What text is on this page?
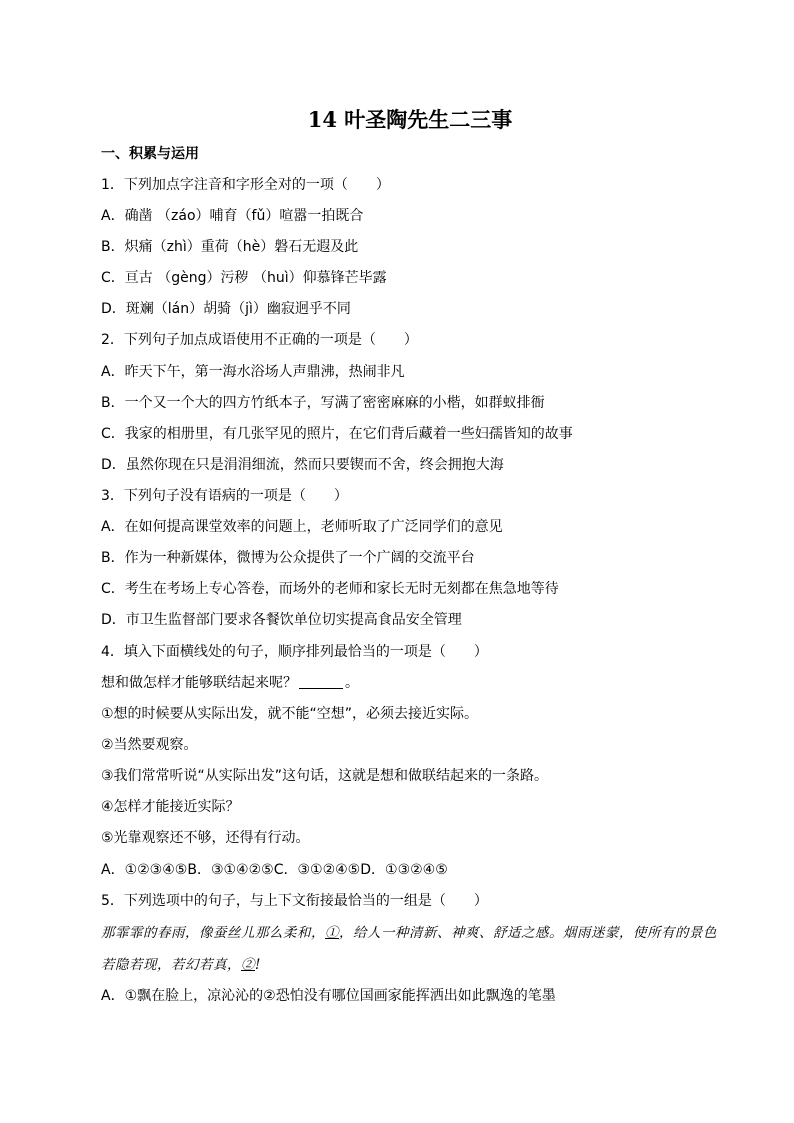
14 叶圣陶先生二三事
一、积累与运用
1．下列加点字注音和字形全对的一项（　　）
A．确凿 （záo）哺育（fǔ）喧嚣一拍既合
B．炽痛（zhì）重荷（hè）磐石无遐及此
C．亘古 （gèng）污秽 （huì）仰慕锋芒毕露
D．斑斓（lán）胡骑（jì）幽寂迥乎不同
2．下列句子加点成语使用不正确的一项是（　　）
A．昨天下午，第一海水浴场人声鼎沸，热闹非凡
B．一个又一个大的四方竹纸本子，写满了密密麻麻的小楷，如群蚁排衙
C．我家的相册里，有几张罕见的照片，在它们背后藏着一些妇孺皆知的故事
D．虽然你现在只是涓涓细流，然而只要锲而不舍，终会拥抱大海
3．下列句子没有语病的一项是（　　）
A．在如何提高课堂效率的问题上，老师听取了广泛同学们的意见
B．作为一种新媒体，微博为公众提供了一个广阔的交流平台
C．考生在考场上专心答卷，而场外的老师和家长无时无刻都在焦急地等待
D．市卫生监督部门要求各餐饮单位切实提高食品安全管理
4．填入下面横线处的句子，顺序排列最恰当的一项是（　　）
想和做怎样才能够联结起来呢？	。
①想的时候要从实际出发，就不能“空想”，必须去接近实际。
②当然要观察。
③我们常常听说“从实际出发”这句话，这就是想和做联结起来的一条路。
④怎样才能接近实际？
⑤光靠观察还不够，还得有行动。
A．①②③④⑤B．③①④②⑤C．③①②④⑤D．①③②④⑤
5．下列选项中的句子，与上下文衔接最恰当的一组是（　　）
那霏霏的春雨，像蚕丝儿那么柔和，①，给人一种清新、神爽、舒适之感。烟雨迷蒙，使所有的景色
若隐若现，若幻若真，②!
A．①飘在脸上，凉沁沁的②恐怕没有哪位国画家能挥洒出如此飘逸的笔墨
